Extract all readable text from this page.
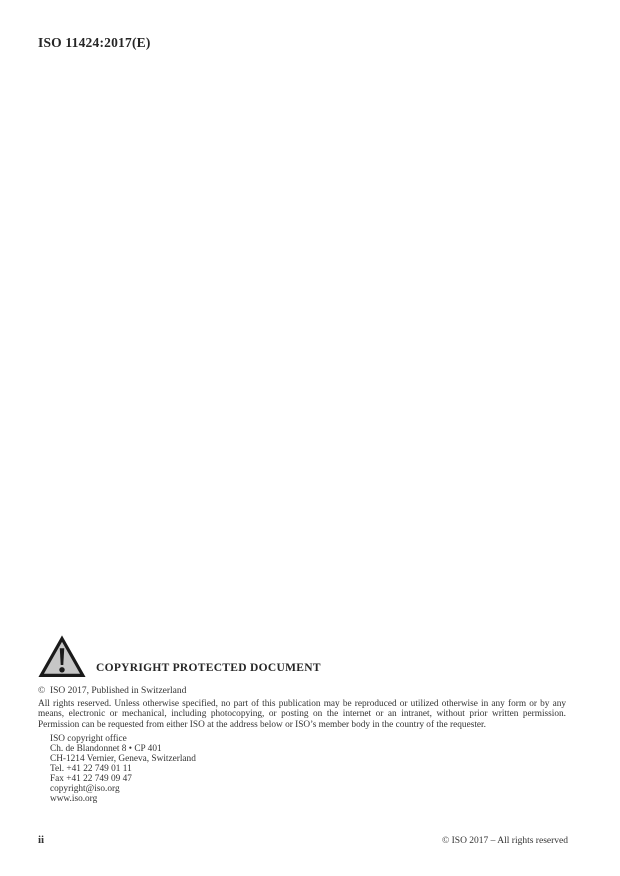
ISO 11424:2017(E)
COPYRIGHT PROTECTED DOCUMENT
©  ISO 2017, Published in Switzerland
All rights reserved. Unless otherwise specified, no part of this publication may be reproduced or utilized otherwise in any form or by any means, electronic or mechanical, including photocopying, or posting on the internet or an intranet, without prior written permission. Permission can be requested from either ISO at the address below or ISO’s member body in the country of the requester.
ISO copyright office
Ch. de Blandonnet 8 • CP 401
CH-1214 Vernier, Geneva, Switzerland
Tel. +41 22 749 01 11
Fax +41 22 749 09 47
copyright@iso.org
www.iso.org
ii	© ISO 2017 – All rights reserved
